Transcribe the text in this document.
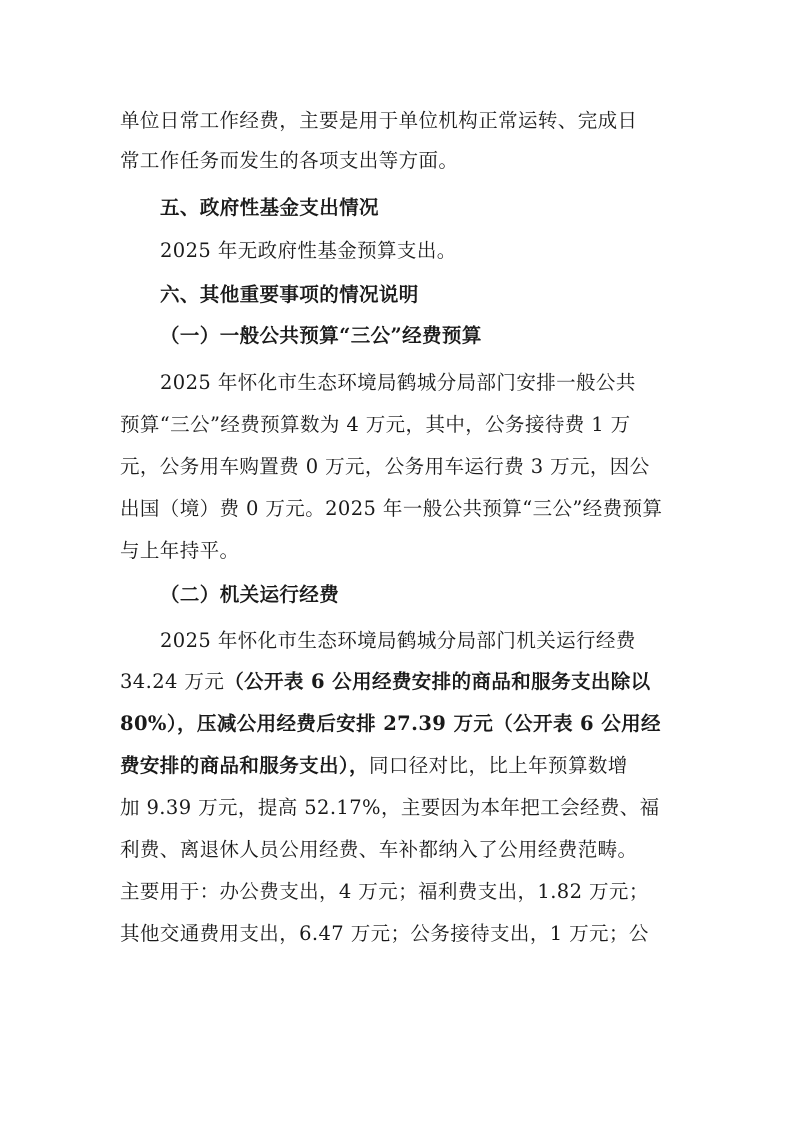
单位日常工作经费，主要是用于单位机构正常运转、完成日
常工作任务而发生的各项支出等方面。
五、政府性基金支出情况
2025 年无政府性基金预算支出。
六、其他重要事项的情况说明
（一）一般公共预算“三公”经费预算
2025 年怀化市生态环境局鹤城分局部门安排一般公共
预算“三公”经费预算数为 4 万元，其中，公务接待费 1 万
元，公务用车购置费 0 万元，公务用车运行费 3 万元，因公
出国（境）费 0 万元。2025 年一般公共预算“三公”经费预算
与上年持平。
（二）机关运行经费
2025 年怀化市生态环境局鹤城分局部门机关运行经费
34.24 万元（公开表 6 公用经费安排的商品和服务支出除以
80%），压减公用经费后安排 27.39 万元（公开表 6 公用经
费安排的商品和服务支出），同口径对比，比上年预算数增
加 9.39 万元，提高 52.17%，主要因为本年把工会经费、福
利费、离退休人员公用经费、车补都纳入了公用经费范畴。
主要用于：办公费支出，4 万元；福利费支出，1.82 万元；
其他交通费用支出，6.47 万元；公务接待支出，1 万元；公
